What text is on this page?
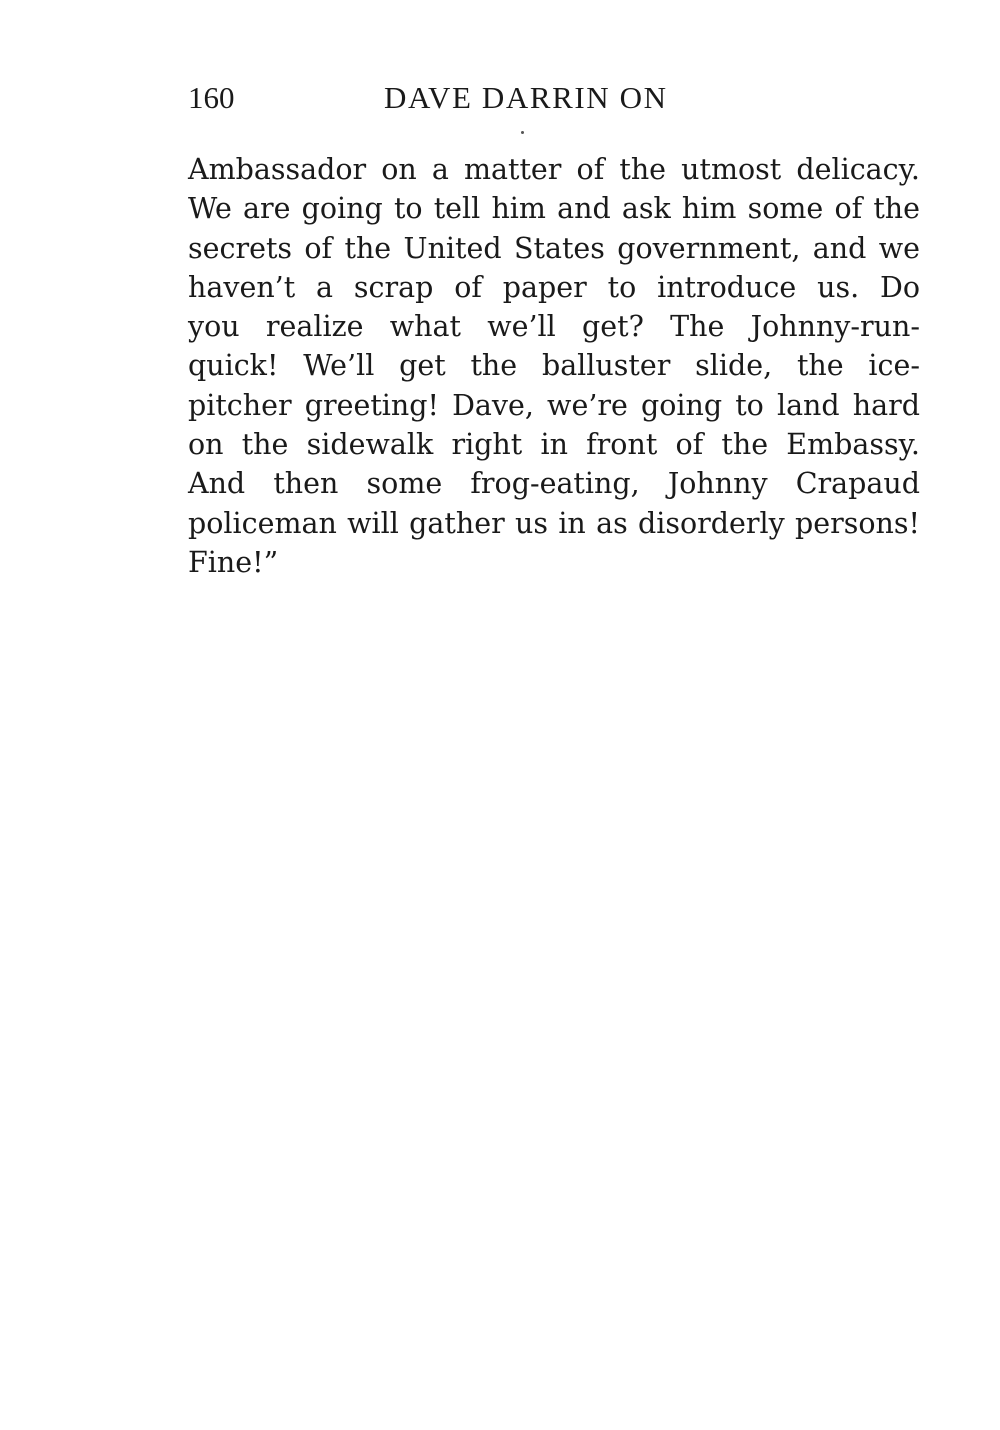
160	DAVE DARRIN ON

Ambassador on a matter of the utmost delicacy.
We are going to tell him and ask him some of the
secrets of the United States government, and we
haven’t a scrap of paper to introduce us. Do
you realize what we’ll get? The Johnny-run-
quick! We’ll get the balluster slide, the ice-
pitcher greeting! Dave, we’re going to land hard
on the sidewalk right in front of the Embassy.
And then some frog-eating, Johnny Crapaud
policeman will gather us in as disorderly persons!
Fine!”
